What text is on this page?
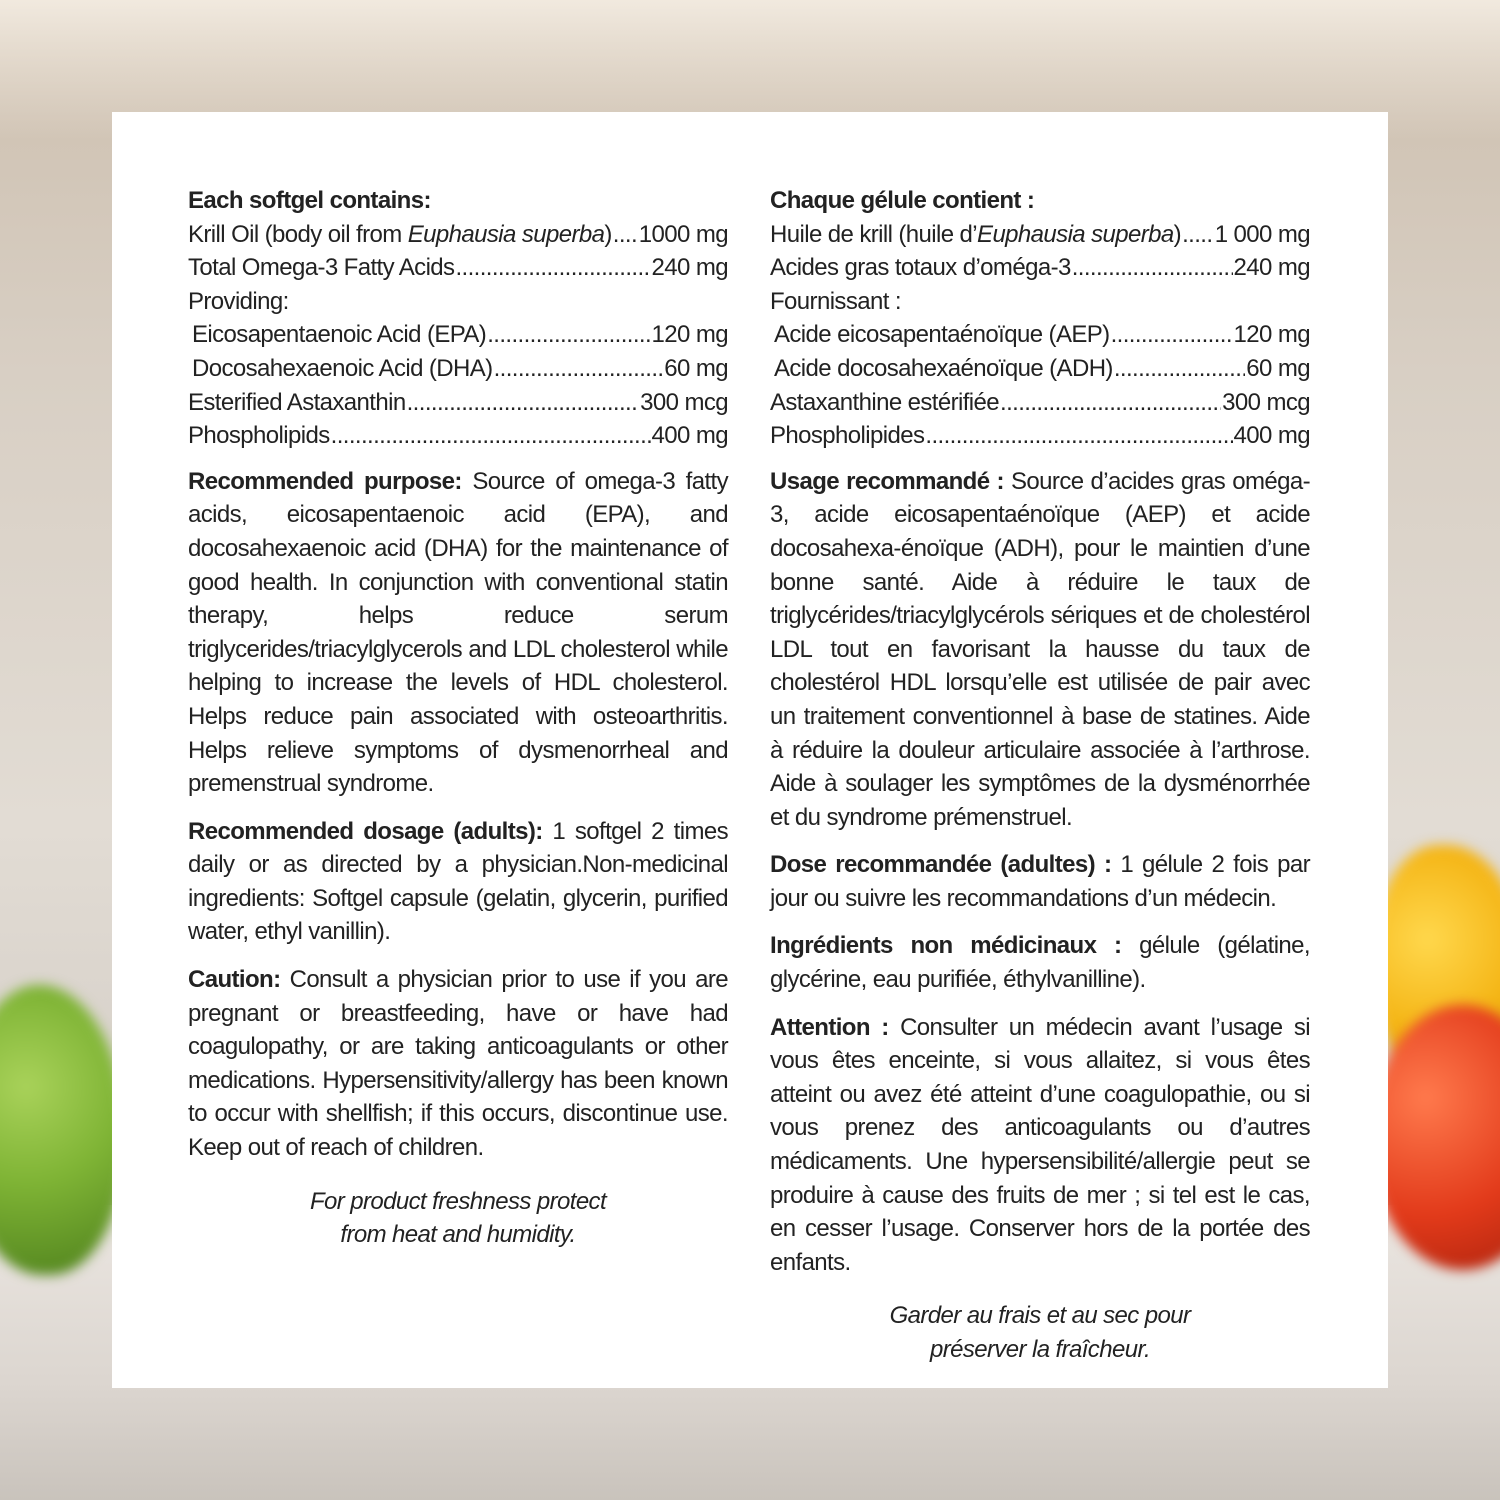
Each softgel contains:
Krill Oil (body oil from Euphausia superba) ..... 1000 mg
Total Omega-3 Fatty Acids .....	240 mg
Providing:
Eicosapentaenoic Acid (EPA) .....	120 mg
Docosahexaenoic Acid (DHA) .....	60 mg
Esterified Astaxanthin .....	300 mcg
Phospholipids .....	400 mg

Recommended purpose: Source of omega-3 fatty acids, eicosapentaenoic acid (EPA), and docosahexaenoic acid (DHA) for the maintenance of good health. In conjunction with conventional statin therapy, helps reduce serum triglycerides/triacylglycerols and LDL cholesterol while helping to increase the levels of HDL cholesterol. Helps reduce pain associated with osteoarthritis. Helps relieve symptoms of dysmenorrheal and premenstrual syndrome.

Recommended dosage (adults): 1 softgel 2 times daily or as directed by a physician.Non-medicinal ingredients: Softgel capsule (gelatin, glycerin, purified water, ethyl vanillin).

Caution: Consult a physician prior to use if you are pregnant or breastfeeding, have or have had coagulopathy, or are taking anticoagulants or other medications. Hypersensitivity/allergy has been known to occur with shellfish; if this occurs, discontinue use. Keep out of reach of children.

For product freshness protect
from heat and humidity.
Chaque gélule contient :
Huile de krill (huile d’Euphausia superba) ..... 1 000 mg
Acides gras totaux d’oméga-3 .....	240 mg
Fournissant :
Acide eicosapentaénoïque (AEP) .....	120 mg
Acide docosahexaénoïque (ADH) .....	60 mg
Astaxanthine estérifiée .....	300 mcg
Phospholipides .....	400 mg

Usage recommandé : Source d’acides gras oméga-3, acide eicosapentaénoïque (AEP) et acide docosahexa-énoïque (ADH), pour le maintien d’une bonne santé. Aide à réduire le taux de triglycérides/triacylglycérols sériques et de cholestérol LDL tout en favorisant la hausse du taux de cholestérol HDL lorsqu’elle est utilisée de pair avec un traitement conventionnel à base de statines. Aide à réduire la douleur articulaire associée à l’arthrose. Aide à soulager les symptômes de la dysménorrhée et du syndrome prémenstruel.

Dose recommandée (adultes) : 1 gélule 2 fois par jour ou suivre les recommandations d’un médecin.

Ingrédients non médicinaux : gélule (gélatine, glycérine, eau purifiée, éthylvanilline).

Attention : Consulter un médecin avant l’usage si vous êtes enceinte, si vous allaitez, si vous êtes atteint ou avez été atteint d’une coagulopathie, ou si vous prenez des anticoagulants ou d’autres médicaments. Une hypersensibilité/allergie peut se produire à cause des fruits de mer ; si tel est le cas, en cesser l’usage. Conserver hors de la portée des enfants.

Garder au frais et au sec pour
préserver la fraîcheur.
